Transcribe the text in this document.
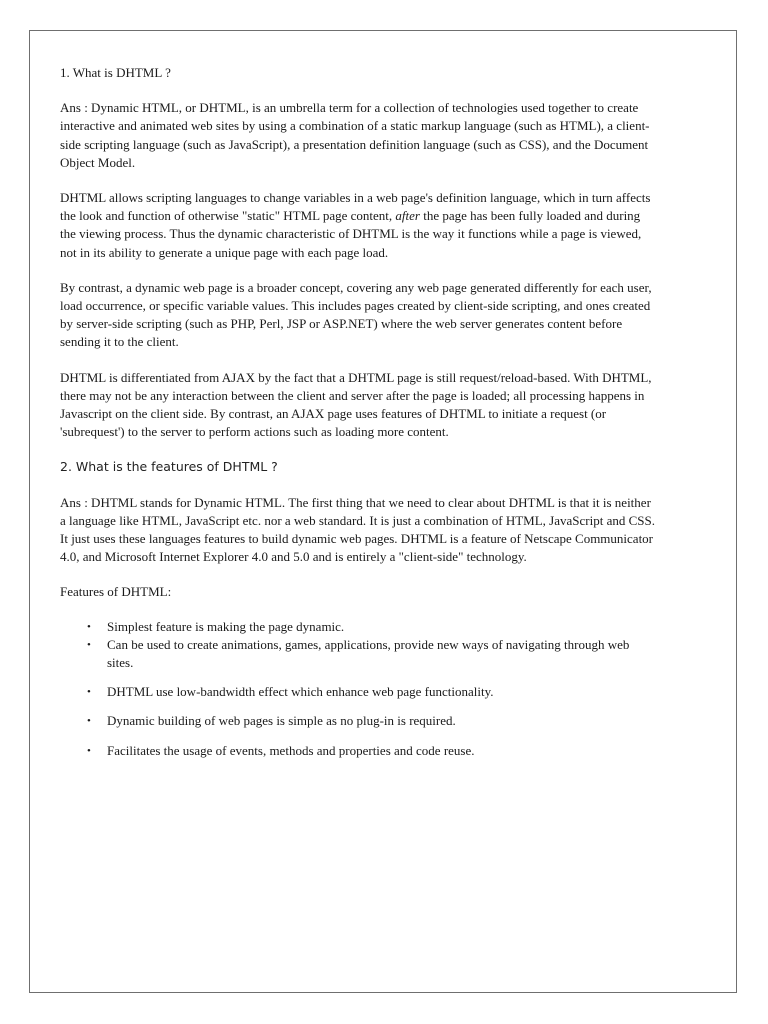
1. What is DHTML ?

Ans : Dynamic HTML, or DHTML, is an umbrella term for a collection of technologies used together to create interactive and animated web sites by using a combination of a static markup language (such as HTML), a client-side scripting language (such as JavaScript), a presentation definition language (such as CSS), and the Document Object Model.

DHTML allows scripting languages to change variables in a web page's definition language, which in turn affects the look and function of otherwise "static" HTML page content, after the page has been fully loaded and during the viewing process. Thus the dynamic characteristic of DHTML is the way it functions while a page is viewed, not in its ability to generate a unique page with each page load.

By contrast, a dynamic web page is a broader concept, covering any web page generated differently for each user, load occurrence, or specific variable values. This includes pages created by client-side scripting, and ones created by server-side scripting (such as PHP, Perl, JSP or ASP.NET) where the web server generates content before sending it to the client.

DHTML is differentiated from AJAX by the fact that a DHTML page is still request/reload-based. With DHTML, there may not be any interaction between the client and server after the page is loaded; all processing happens in Javascript on the client side. By contrast, an AJAX page uses features of DHTML to initiate a request (or 'subrequest') to the server to perform actions such as loading more content.

2. What is the features of DHTML ?

Ans : DHTML stands for Dynamic HTML. The first thing that we need to clear about DHTML is that it is neither a language like HTML, JavaScript etc. nor a web standard. It is just a combination of HTML, JavaScript and CSS. It just uses these languages features to build dynamic web pages. DHTML is a feature of Netscape Communicator 4.0, and Microsoft Internet Explorer 4.0 and 5.0 and is entirely a "client-side" technology.

Features of DHTML:

• Simplest feature is making the page dynamic.
• Can be used to create animations, games, applications, provide new ways of navigating through web sites.
• DHTML use low-bandwidth effect which enhance web page functionality.
• Dynamic building of web pages is simple as no plug-in is required.
• Facilitates the usage of events, methods and properties and code reuse.
